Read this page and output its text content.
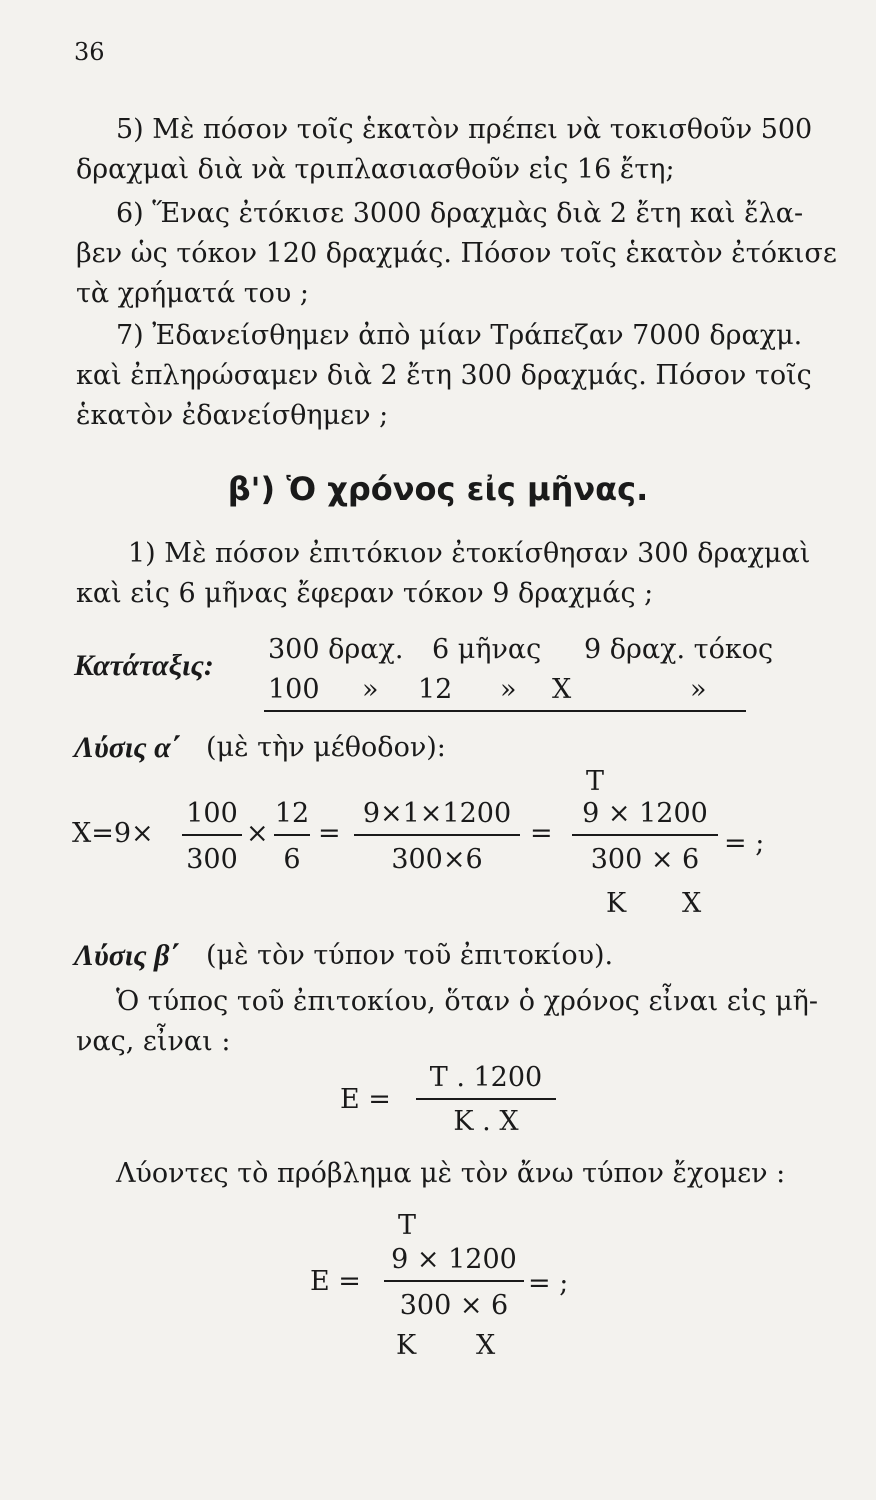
36
5) Μὲ πόσον τοῖς ἑκατὸν πρέπει νὰ τοκισθοῦν 500
δραχμαὶ διὰ νὰ τριπλασιασθοῦν εἰς 16 ἔτη;
6) Ἕνας ἐτόκισε 3000 δραχμὰς διὰ 2 ἔτη καὶ ἔλα-
βεν ὡς τόκον 120 δραχμάς. Πόσον τοῖς ἑκατὸν ἐτόκισε
τὰ χρήματά του ;
7) Ἐδανείσθημεν ἀπὸ μίαν Τράπεζαν 7000 δραχμ.
καὶ ἐπληρώσαμεν διὰ 2 ἔτη 300 δραχμάς. Πόσον τοῖς
ἑκατὸν ἐδανείσθημεν ;
β') Ὁ χρόνος εἰς μῆνας.
1) Μὲ πόσον ἐπιτόκιον ἐτοκίσθησαν 300 δραχμαὶ
καὶ εἰς 6 μῆνας ἔφεραν τόκον 9 δραχμάς ;
Κατάταξις: 300 δραχ. 6 μῆνας 9 δραχ. τόκος
100 » 12 » X	»
Λύσις α΄ (μὲ τὴν μέθοδον):
Τ
X=9×
100
300
×
12
6
=
9×1×1200
300×6
=
9 × 1200
300 × 6
= ;
Κ Χ
Λύσις β΄ (μὲ τὸν τύπον τοῦ ἐπιτοκίου).
Ὁ τύπος τοῦ ἐπιτοκίου, ὅταν ὁ χρόνος εἶναι εἰς μῆ-
νας, εἶναι :
Ε =
Τ . 1200
Κ . Χ
Λύοντες τὸ πρόβλημα μὲ τὸν ἄνω τύπον ἔχομεν :
Τ
Ε =
9 × 1200
300 × 6
= ;
Κ Χ
